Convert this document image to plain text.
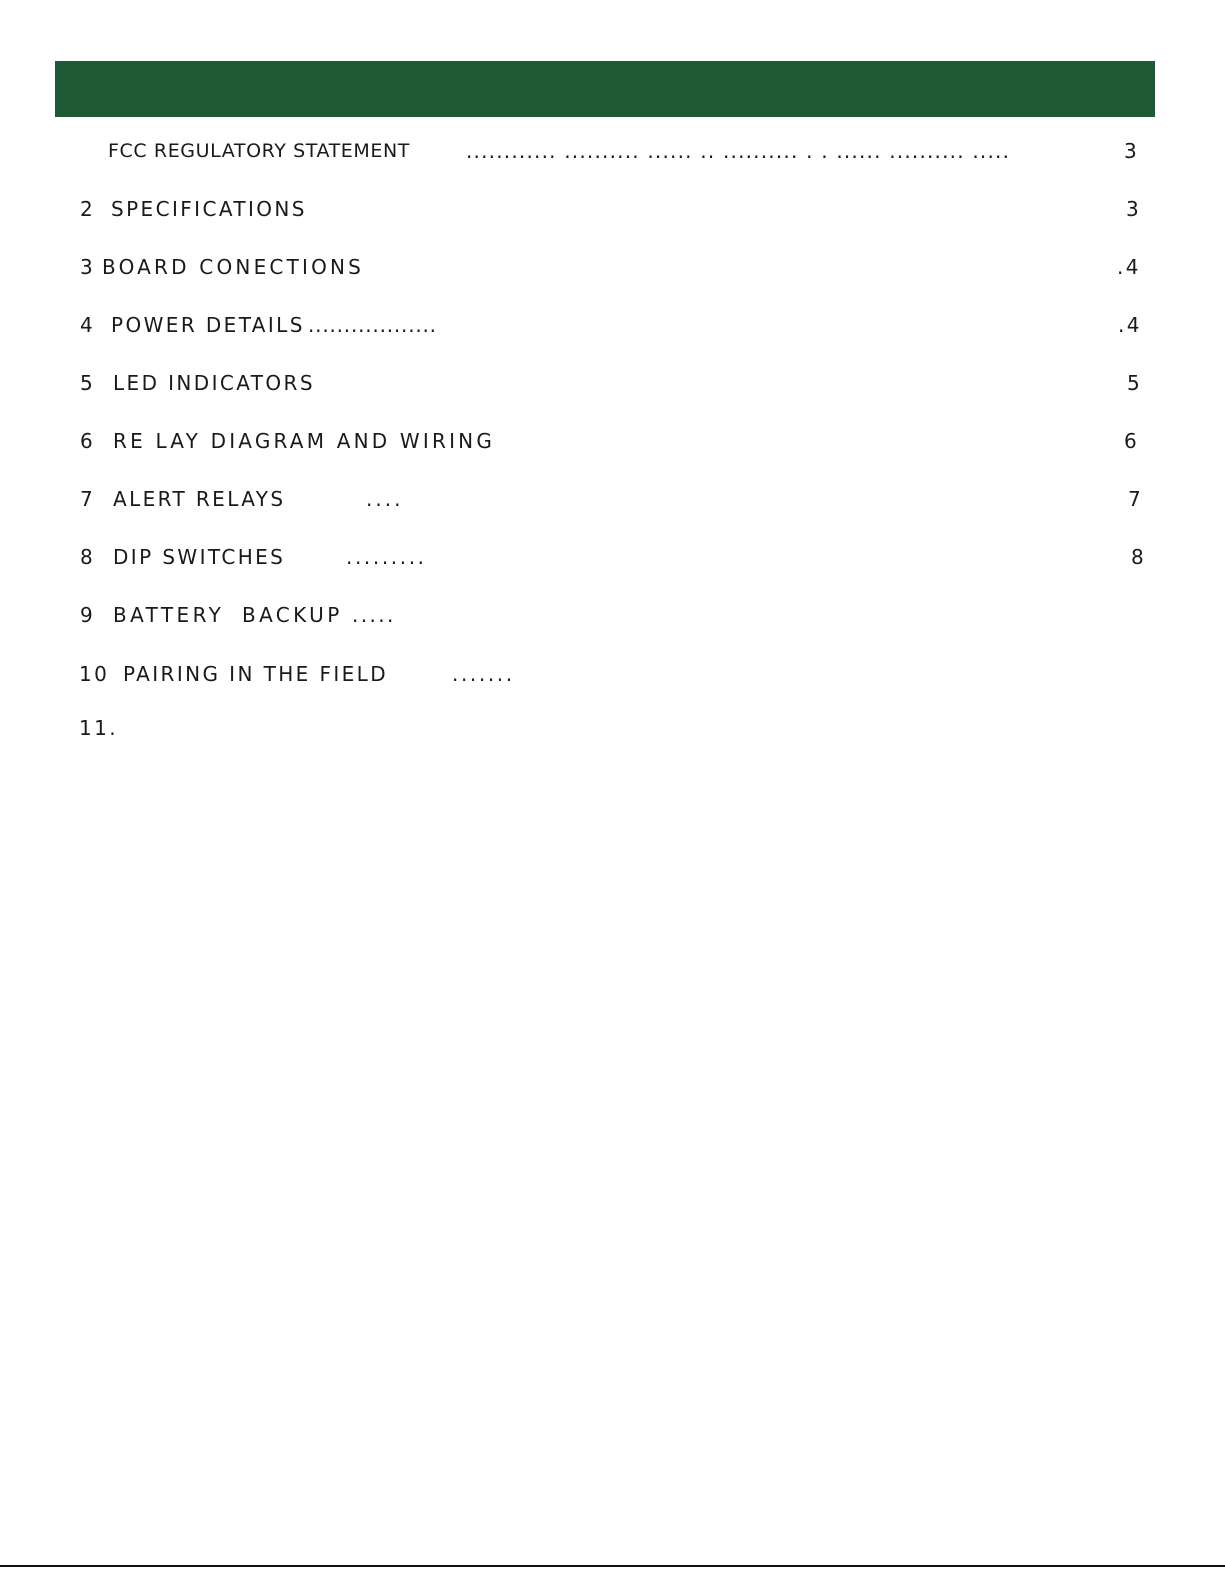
FCC REGULATORY STATEMENT	............ .......... ...... .. .......... . . ...... .......... .....	3
2 SPECIFICATIONS	3
3 BOARD CONECTIONS	.4
4 POWER DETAILS ..................	.4
5 LED INDICATORS	5
6 RE LAY DIAGRAM AND WIRING	6
7 ALERT RELAYS	....	7
8 DIP SWITCHES	.........	8
9 BATTERY BACKUP .....
10 PAIRING IN THE FIELD	.......
11.
